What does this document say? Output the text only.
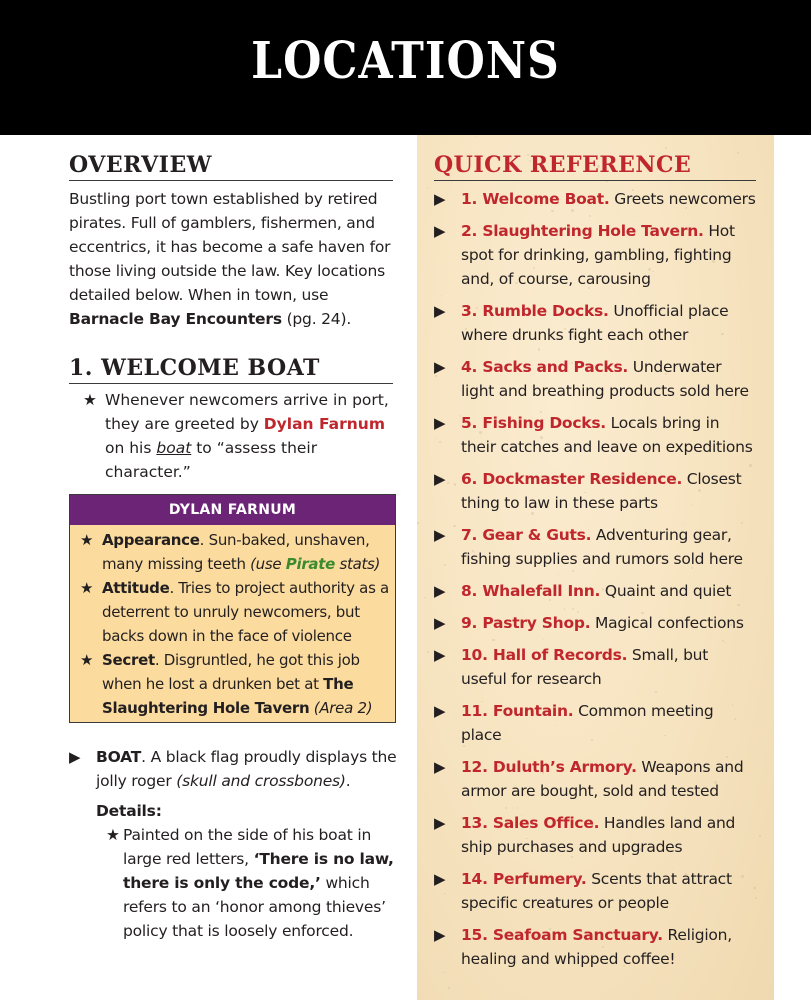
LOCATIONS
OVERVIEW
Bustling port town established by retired pirates. Full of gamblers, fishermen, and eccentrics, it has become a safe haven for those living outside the law. Key locations detailed below. When in town, use Barnacle Bay Encounters (pg. 24).
1. WELCOME BOAT
★ Whenever newcomers arrive in port, they are greeted by Dylan Farnum on his boat to “assess their character.”
DYLAN FARNUM
★ Appearance. Sun-baked, unshaven, many missing teeth (use Pirate stats)
★ Attitude. Tries to project authority as a deterrent to unruly newcomers, but backs down in the face of violence
★ Secret. Disgruntled, he got this job when he lost a drunken bet at The Slaughtering Hole Tavern (Area 2)
▶ BOAT. A black flag proudly displays the jolly roger (skull and crossbones).
Details:
★ Painted on the side of his boat in large red letters, ‘There is no law, there is only the code,’ which refers to an ‘honor among thieves’ policy that is loosely enforced.
QUICK REFERENCE
▶ 1. Welcome Boat. Greets newcomers
▶ 2. Slaughtering Hole Tavern. Hot spot for drinking, gambling, fighting and, of course, carousing
▶ 3. Rumble Docks. Unofficial place where drunks fight each other
▶ 4. Sacks and Packs. Underwater light and breathing products sold here
▶ 5. Fishing Docks. Locals bring in their catches and leave on expeditions
▶ 6. Dockmaster Residence. Closest thing to law in these parts
▶ 7. Gear & Guts. Adventuring gear, fishing supplies and rumors sold here
▶ 8. Whalefall Inn. Quaint and quiet
▶ 9. Pastry Shop. Magical confections
▶ 10. Hall of Records. Small, but useful for research
▶ 11. Fountain. Common meeting place
▶ 12. Duluth’s Armory. Weapons and armor are bought, sold and tested
▶ 13. Sales Office. Handles land and ship purchases and upgrades
▶ 14. Perfumery. Scents that attract specific creatures or people
▶ 15. Seafoam Sanctuary. Religion, healing and whipped coffee!
